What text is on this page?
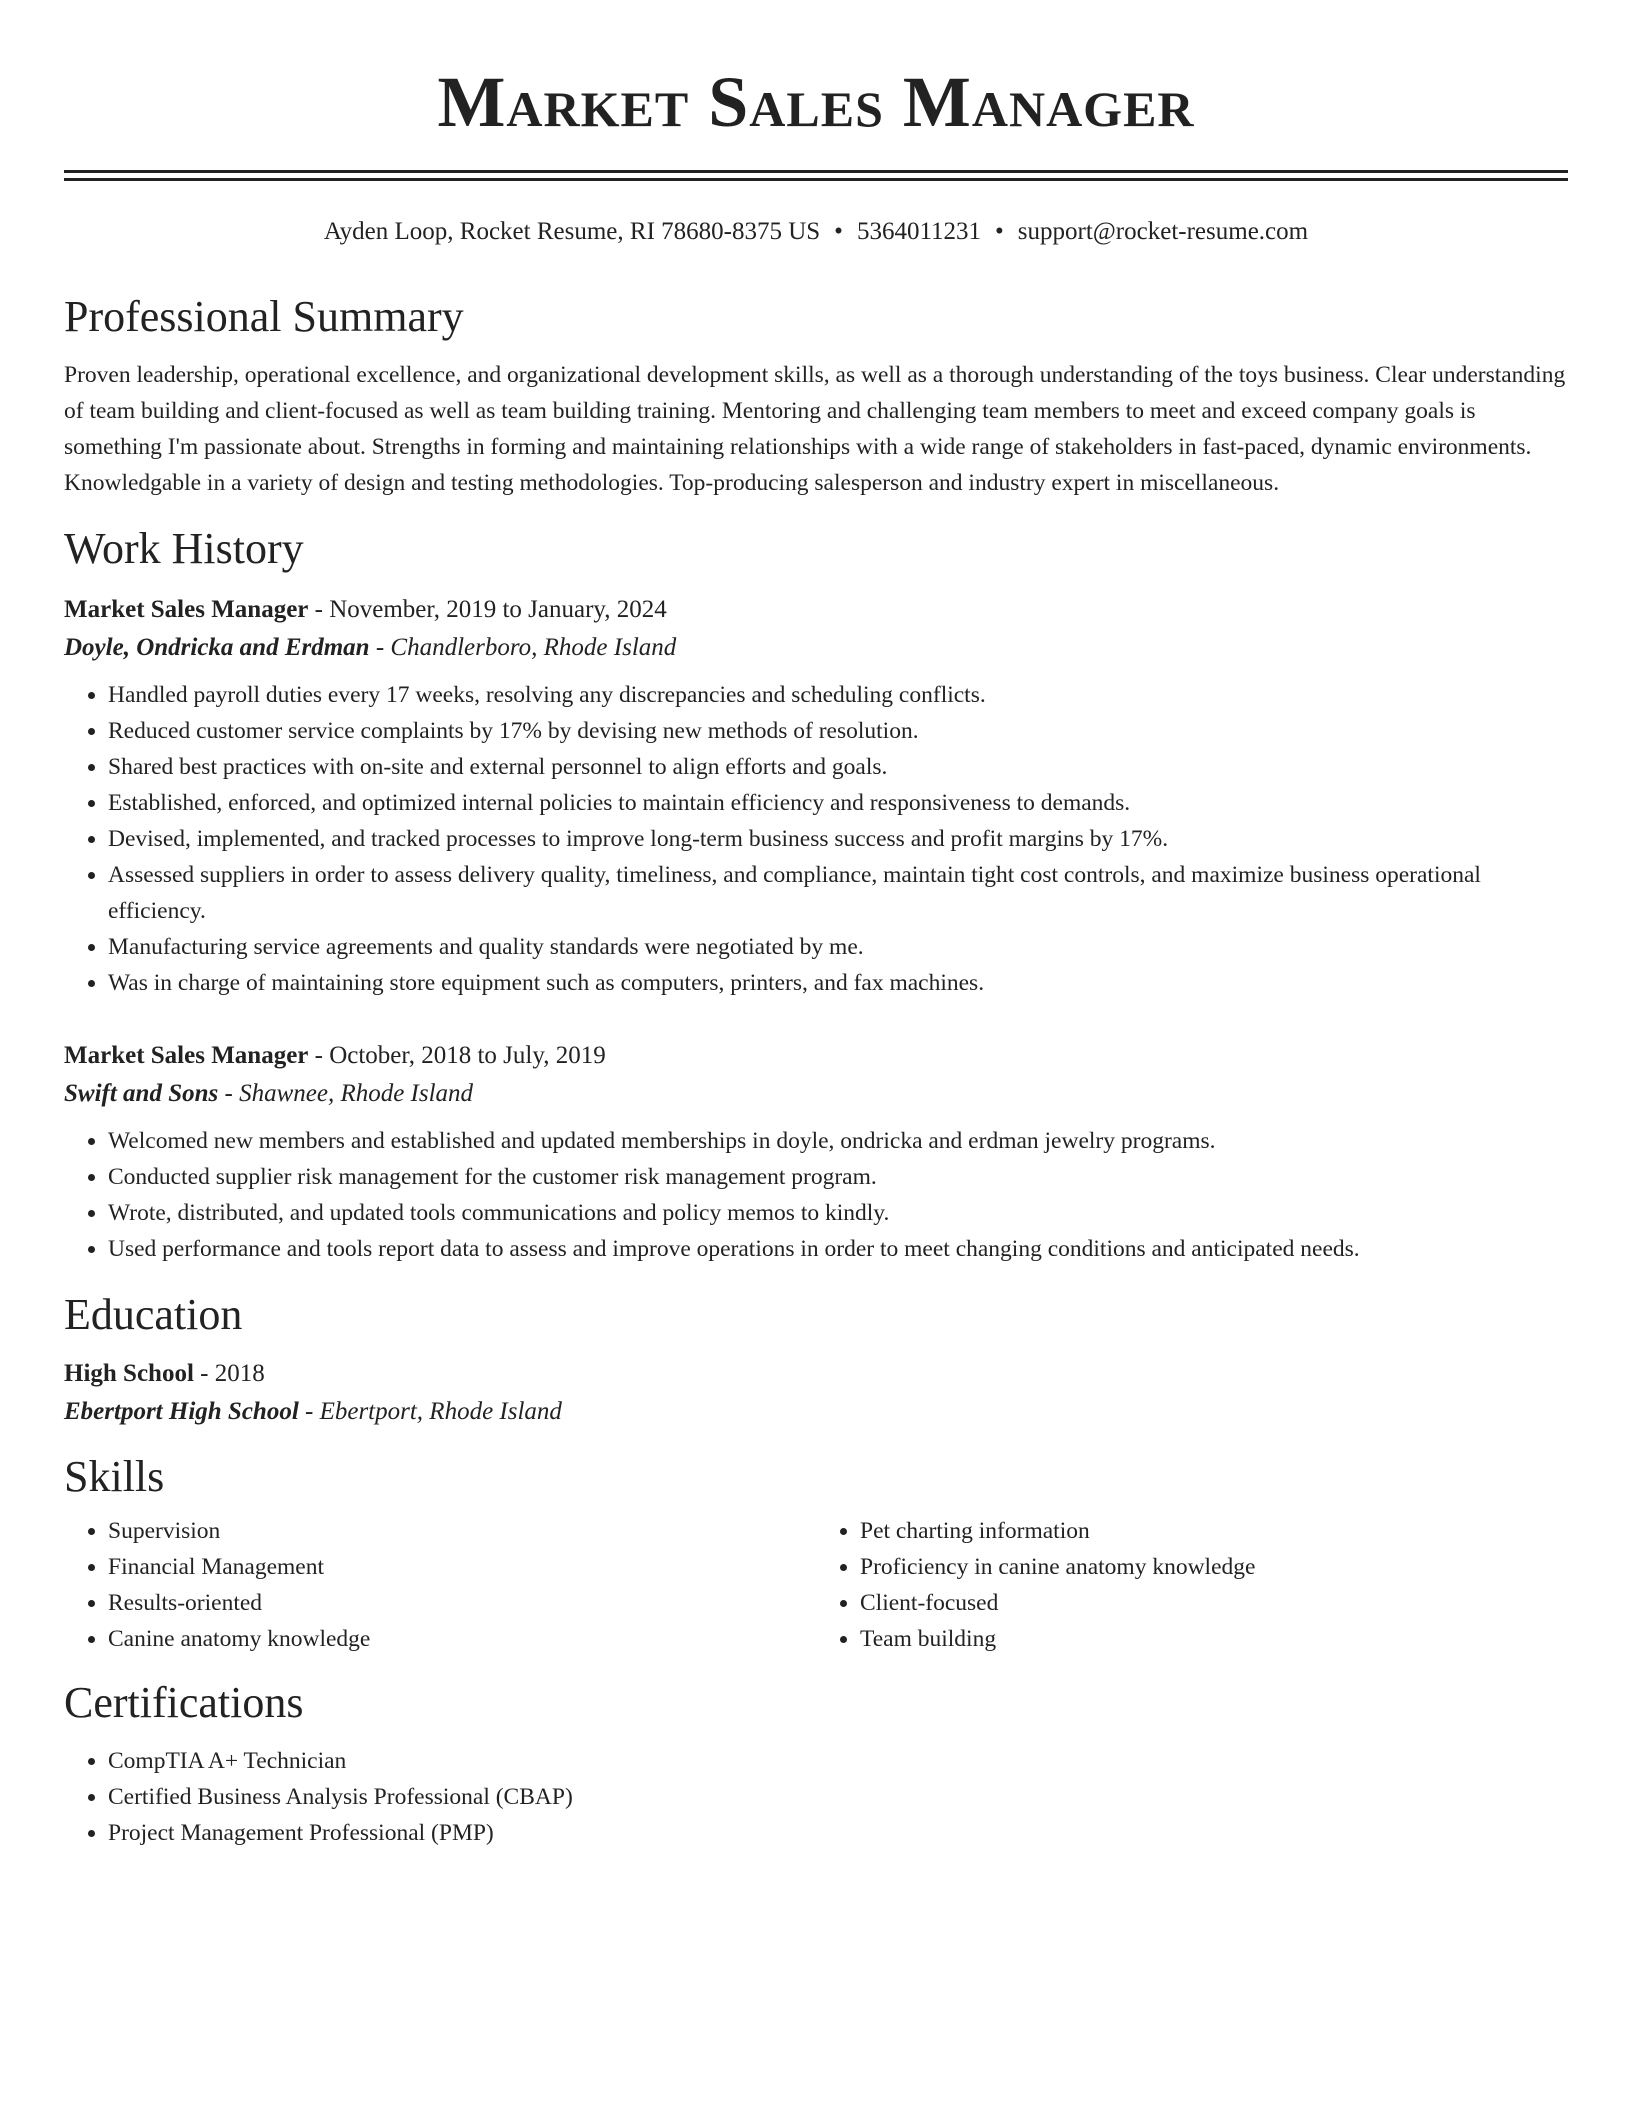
Market Sales Manager
Ayden Loop, Rocket Resume, RI 78680-8375 US • 5364011231 • support@rocket-resume.com
Professional Summary
Proven leadership, operational excellence, and organizational development skills, as well as a thorough understanding of the toys business. Clear understanding of team building and client-focused as well as team building training. Mentoring and challenging team members to meet and exceed company goals is something I'm passionate about. Strengths in forming and maintaining relationships with a wide range of stakeholders in fast-paced, dynamic environments. Knowledgable in a variety of design and testing methodologies. Top-producing salesperson and industry expert in miscellaneous.
Work History
Market Sales Manager - November, 2019 to January, 2024
Doyle, Ondricka and Erdman - Chandlerboro, Rhode Island
• Handled payroll duties every 17 weeks, resolving any discrepancies and scheduling conflicts.
• Reduced customer service complaints by 17% by devising new methods of resolution.
• Shared best practices with on-site and external personnel to align efforts and goals.
• Established, enforced, and optimized internal policies to maintain efficiency and responsiveness to demands.
• Devised, implemented, and tracked processes to improve long-term business success and profit margins by 17%.
• Assessed suppliers in order to assess delivery quality, timeliness, and compliance, maintain tight cost controls, and maximize business operational efficiency.
• Manufacturing service agreements and quality standards were negotiated by me.
• Was in charge of maintaining store equipment such as computers, printers, and fax machines.
Market Sales Manager - October, 2018 to July, 2019
Swift and Sons - Shawnee, Rhode Island
• Welcomed new members and established and updated memberships in doyle, ondricka and erdman jewelry programs.
• Conducted supplier risk management for the customer risk management program.
• Wrote, distributed, and updated tools communications and policy memos to kindly.
• Used performance and tools report data to assess and improve operations in order to meet changing conditions and anticipated needs.
Education
High School - 2018
Ebertport High School - Ebertport, Rhode Island
Skills
• Supervision
• Financial Management
• Results-oriented
• Canine anatomy knowledge
• Pet charting information
• Proficiency in canine anatomy knowledge
• Client-focused
• Team building
Certifications
• CompTIA A+ Technician
• Certified Business Analysis Professional (CBAP)
• Project Management Professional (PMP)
